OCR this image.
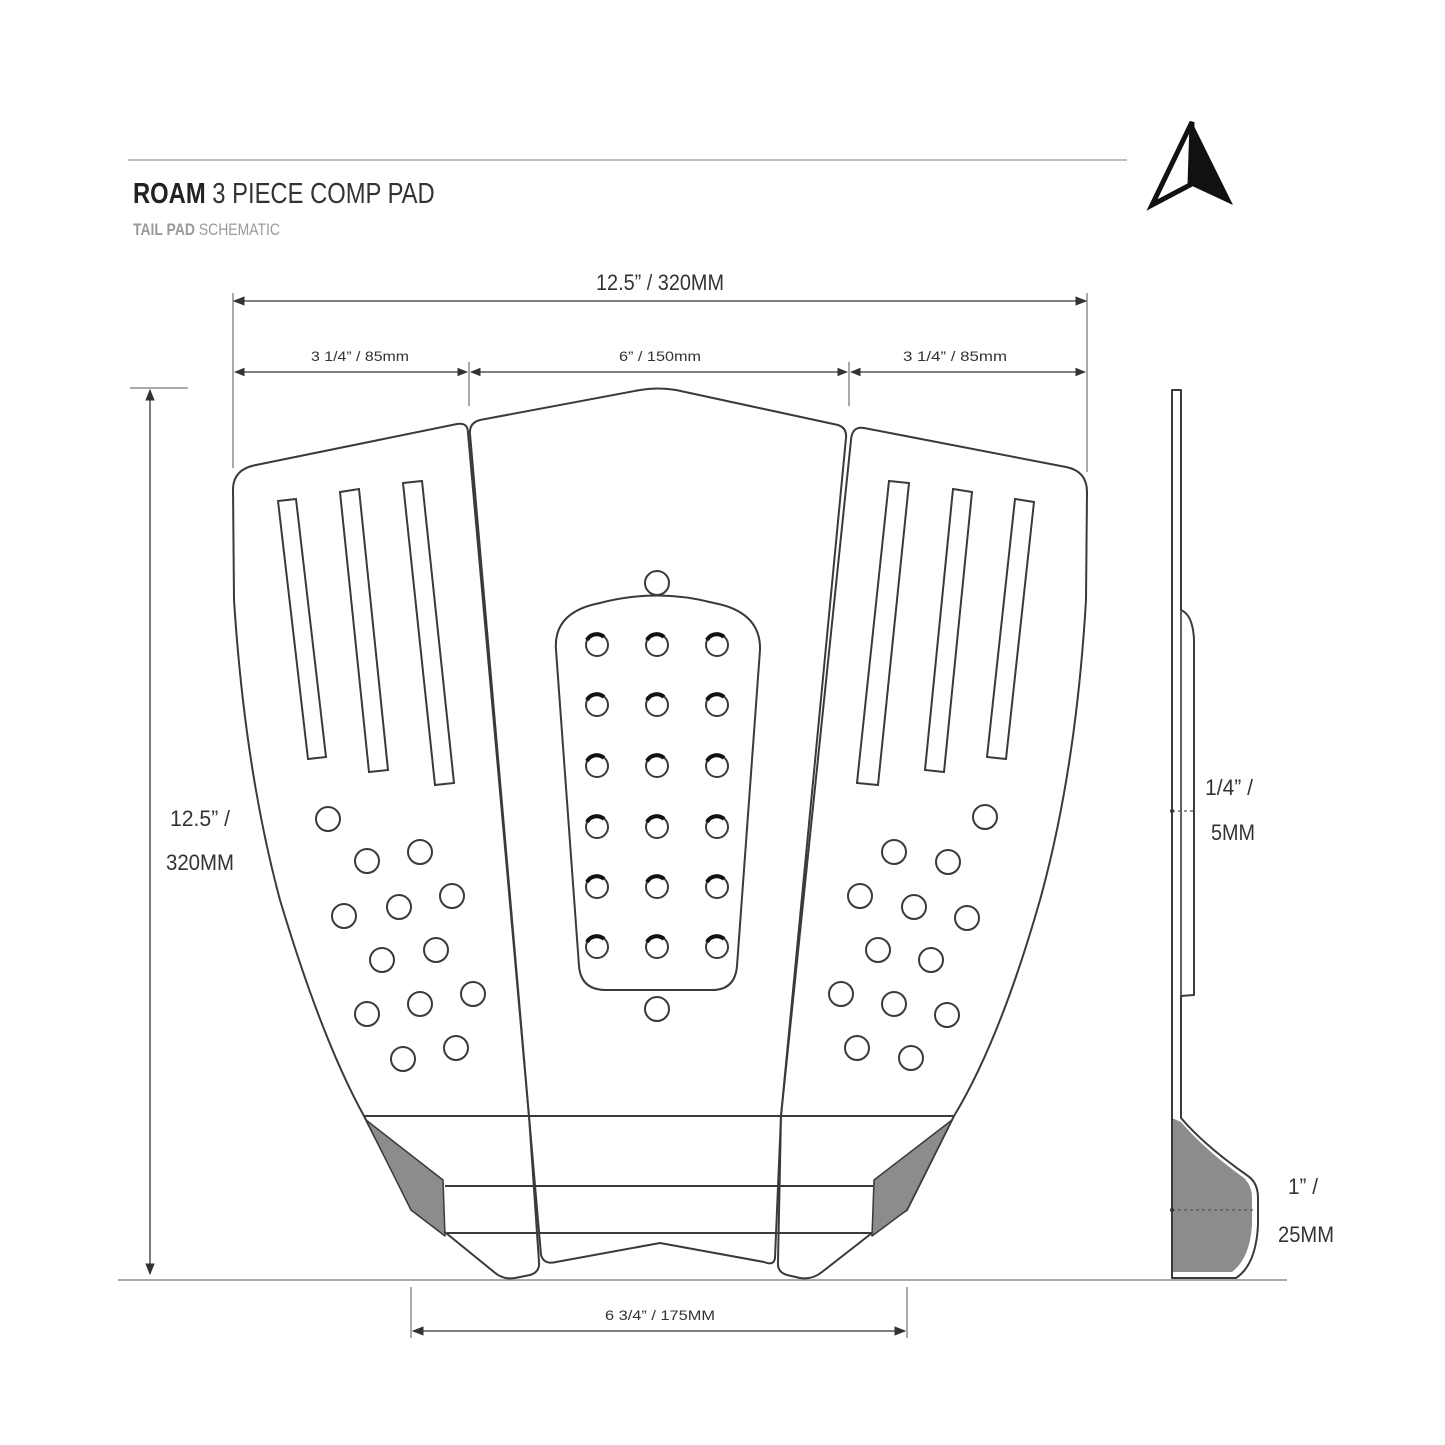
ROAM 3 PIECE COMP PAD
TAIL PAD SCHEMATIC
12.5” / 320MM
3 1/4” / 85mm	6” / 150mm	3 1/4” / 85mm
12.5” /
320MM
6 3/4” / 175MM
1/4” /
5MM
1” /
25MM
